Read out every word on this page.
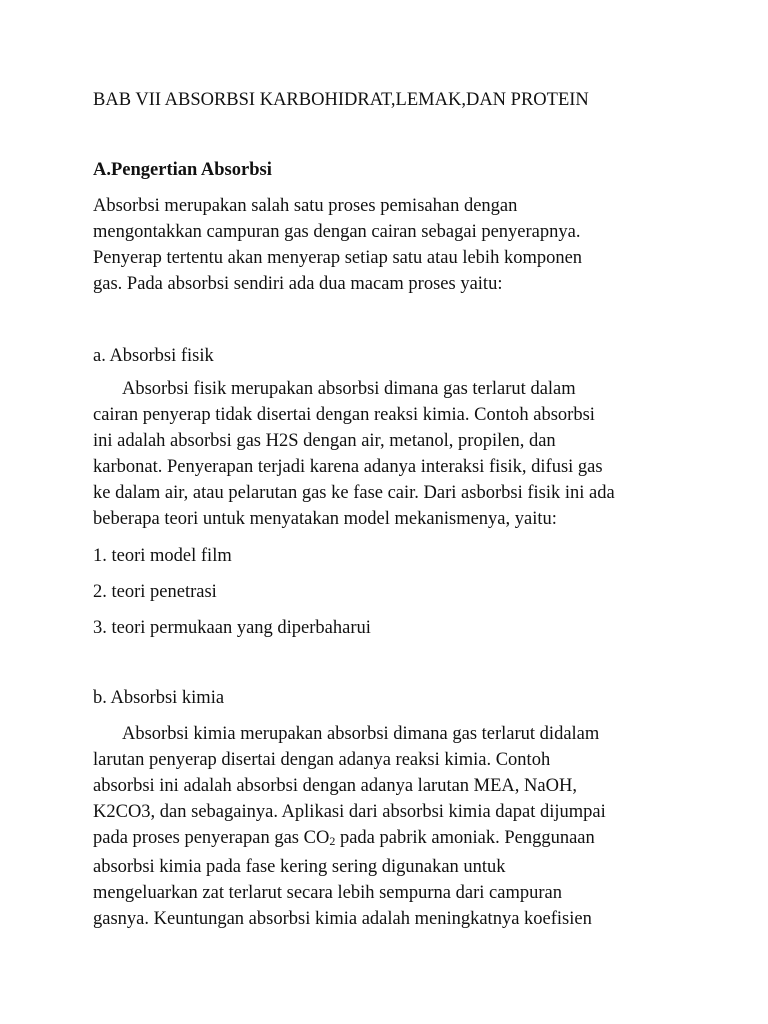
BAB VII ABSORBSI KARBOHIDRAT,LEMAK,DAN PROTEIN
A.Pengertian Absorbsi
Absorbsi merupakan salah satu proses pemisahan dengan
mengontakkan campuran gas dengan cairan sebagai penyerapnya.
Penyerap tertentu akan menyerap setiap satu atau lebih komponen
gas. Pada absorbsi sendiri ada dua macam proses yaitu:
a. Absorbsi fisik
Absorbsi fisik merupakan absorbsi dimana gas terlarut dalam
cairan penyerap tidak disertai dengan reaksi kimia. Contoh absorbsi
ini adalah absorbsi gas H2S dengan air, metanol, propilen, dan
karbonat. Penyerapan terjadi karena adanya interaksi fisik, difusi gas
ke dalam air, atau pelarutan gas ke fase cair. Dari asborbsi fisik ini ada
beberapa teori untuk menyatakan model mekanismenya, yaitu:
1. teori model film
2. teori penetrasi
3. teori permukaan yang diperbaharui
b. Absorbsi kimia
Absorbsi kimia merupakan absorbsi dimana gas terlarut didalam
larutan penyerap disertai dengan adanya reaksi kimia. Contoh
absorbsi ini adalah absorbsi dengan adanya larutan MEA, NaOH,
K2CO3, dan sebagainya. Aplikasi dari absorbsi kimia dapat dijumpai
pada proses penyerapan gas CO2 pada pabrik amoniak. Penggunaan
absorbsi kimia pada fase kering sering digunakan untuk
mengeluarkan zat terlarut secara lebih sempurna dari campuran
gasnya. Keuntungan absorbsi kimia adalah meningkatnya koefisien
